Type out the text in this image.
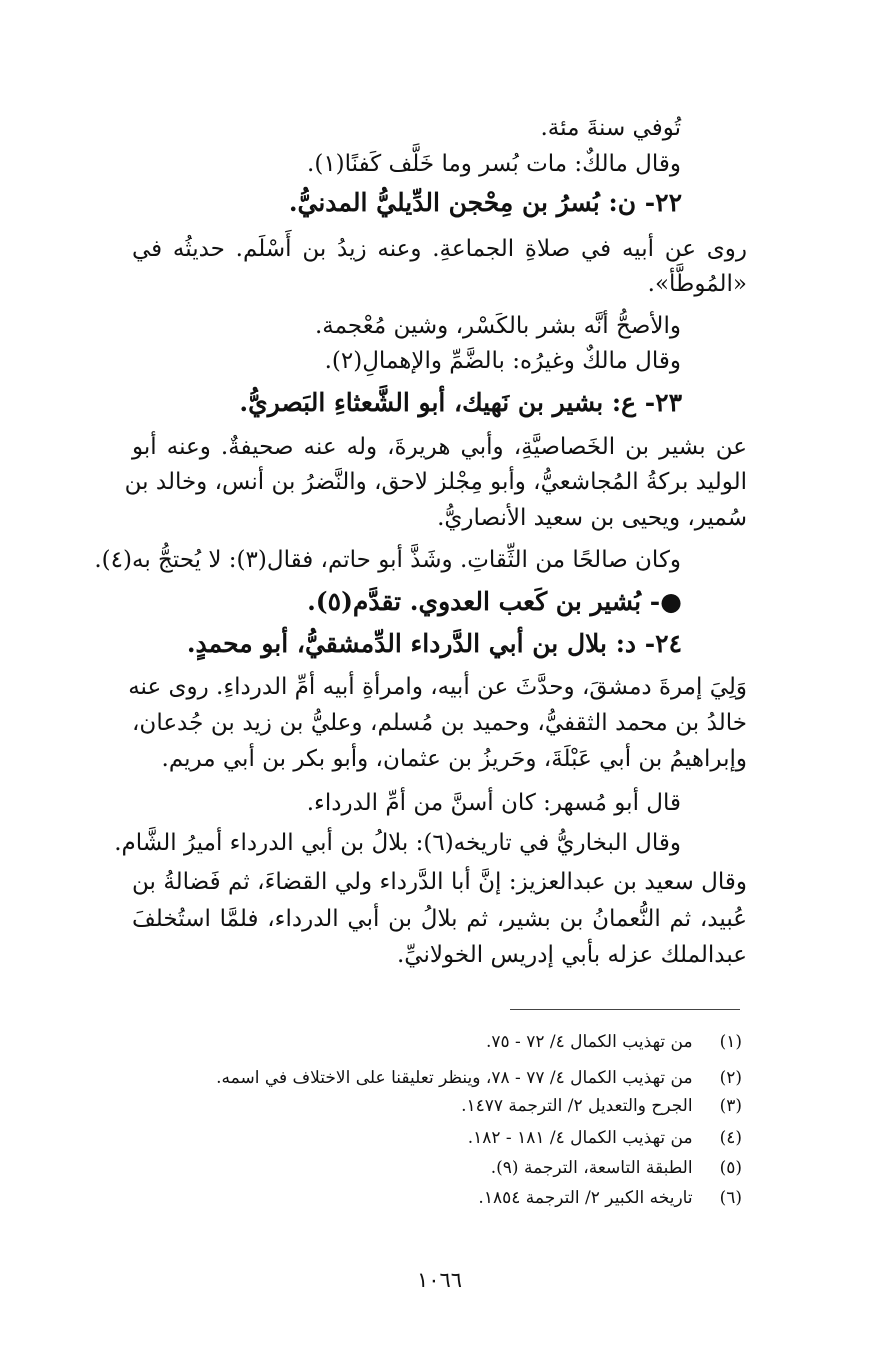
تُوفي سنةَ مئة.
وقال مالكٌ: مات بُسر وما خَلَّف كَفنًا(١).
٢٢- ن: بُسرُ بن مِحْجن الدِّيليُّ المدنيُّ.
روى عن أبيه في صلاةِ الجماعةِ. وعنه زيدُ بن أَسْلَم. حديثُه في
«المُوطَّأ».
والأصحُّ أنَّه بشر بالكَسْر، وشين مُعْجمة.
وقال مالكٌ وغيرُه: بالضَّمِّ والإهمالِ(٢).
٢٣- ع: بشير بن نَهيك، أبو الشَّعثاءِ البَصريُّ.
عن بشير بن الخَصاصيَّةِ، وأبي هريرةَ، وله عنه صحيفةٌ. وعنه أبو
الوليد بركةُ المُجاشعيُّ، وأبو مِجْلز لاحق، والنَّضرُ بن أنس، وخالد بن
سُمير، ويحيى بن سعيد الأنصاريُّ.
وكان صالحًا من الثِّقاتِ. وشَذَّ أبو حاتم، فقال(٣): لا يُحتجُّ به(٤).
●- بُشير بن كَعب العدوي. تقدَّم(٥).
٢٤- د: بلال بن أبي الدَّرداء الدِّمشقيُّ، أبو محمدٍ.
وَلِيَ إمرةَ دمشقَ، وحدَّثَ عن أبيه، وامرأةِ أبيه أمِّ الدرداءِ. روى عنه
خالدُ بن محمد الثقفيُّ، وحميد بن مُسلم، وعليُّ بن زيد بن جُدعان،
وإبراهيمُ بن أبي عَبْلَةَ، وحَريزُ بن عثمان، وأبو بكر بن أبي مريم.
قال أبو مُسهر: كان أسنَّ من أمِّ الدرداء.
وقال البخاريُّ في تاريخه(٦): بلالُ بن أبي الدرداء أميرُ الشَّام.
وقال سعيد بن عبدالعزيز: إنَّ أبا الدَّرداء ولي القضاءَ، ثم فَضالةُ بن
عُبيد، ثم النُّعمانُ بن بشير، ثم بلالُ بن أبي الدرداء، فلمَّا استُخلفَ
عبدالملك عزله بأبي إدريس الخولانيِّ.
(١) من تهذيب الكمال ٤/ ٧٢ - ٧٥.
(٢) من تهذيب الكمال ٤/ ٧٧ - ٧٨، وينظر تعليقنا على الاختلاف في اسمه.
(٣) الجرح والتعديل ٢/ الترجمة ١٤٧٧.
(٤) من تهذيب الكمال ٤/ ١٨١ - ١٨٢.
(٥) الطبقة التاسعة، الترجمة (٩).
(٦) تاريخه الكبير ٢/ الترجمة ١٨٥٤.
١٠٦٦
